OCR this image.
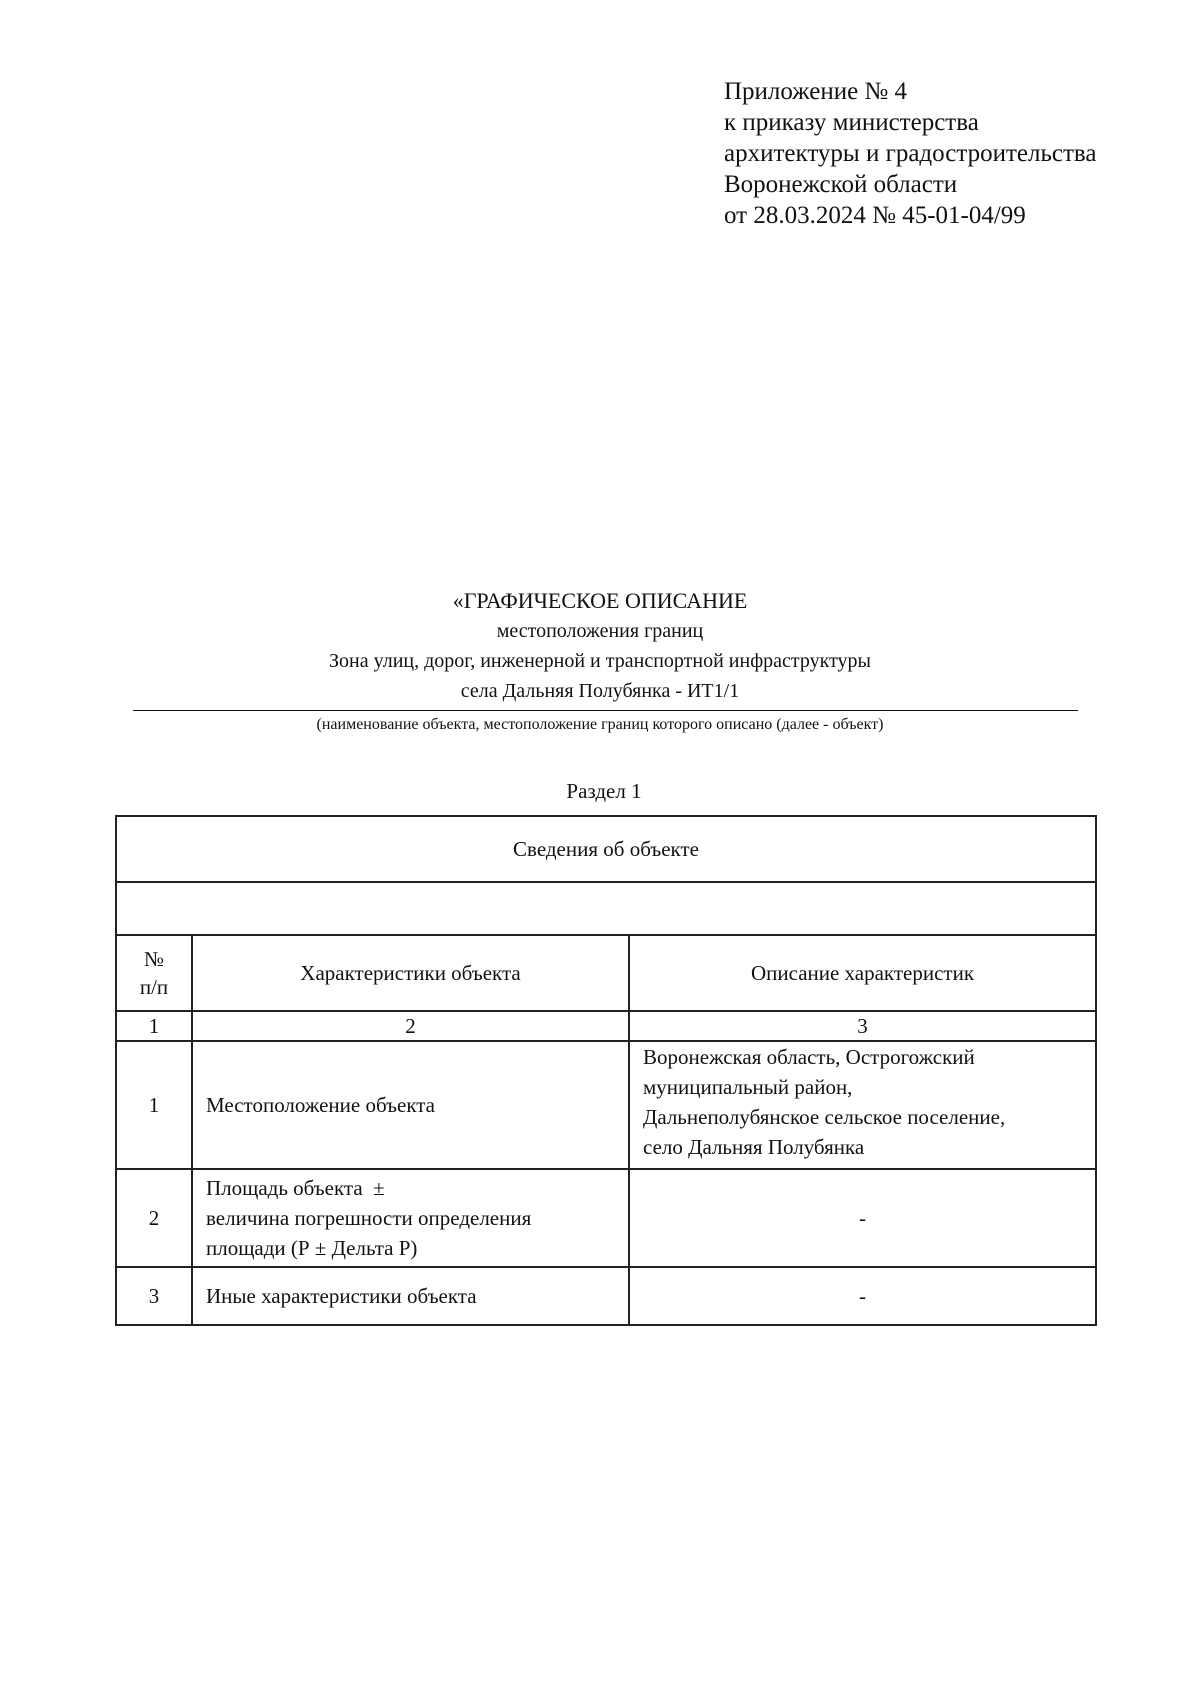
Приложение № 4
к приказу министерства
архитектуры и градостроительства
Воронежской области
от 28.03.2024 № 45-01-04/99
«ГРАФИЧЕСКОЕ ОПИСАНИЕ
местоположения границ
Зона улиц, дорог, инженерной и транспортной инфраструктуры
села Дальняя Полубянка - ИТ1/1
(наименование объекта, местоположение границ которого описано (далее - объект)
Раздел 1
Сведения об объекте		

№
п/п	Характеристики объекта	Описание характеристик
1	2	3
1	Местоположение объекта	Воронежская область, Острогожский
муниципальный район,
Дальнеполубянское сельское поселение,
село Дальняя Полубянка

2	Площадь объекта  ±
величина погрешности определения
площади (Р ± Дельта Р)	-

3	Иные характеристики объекта	-
